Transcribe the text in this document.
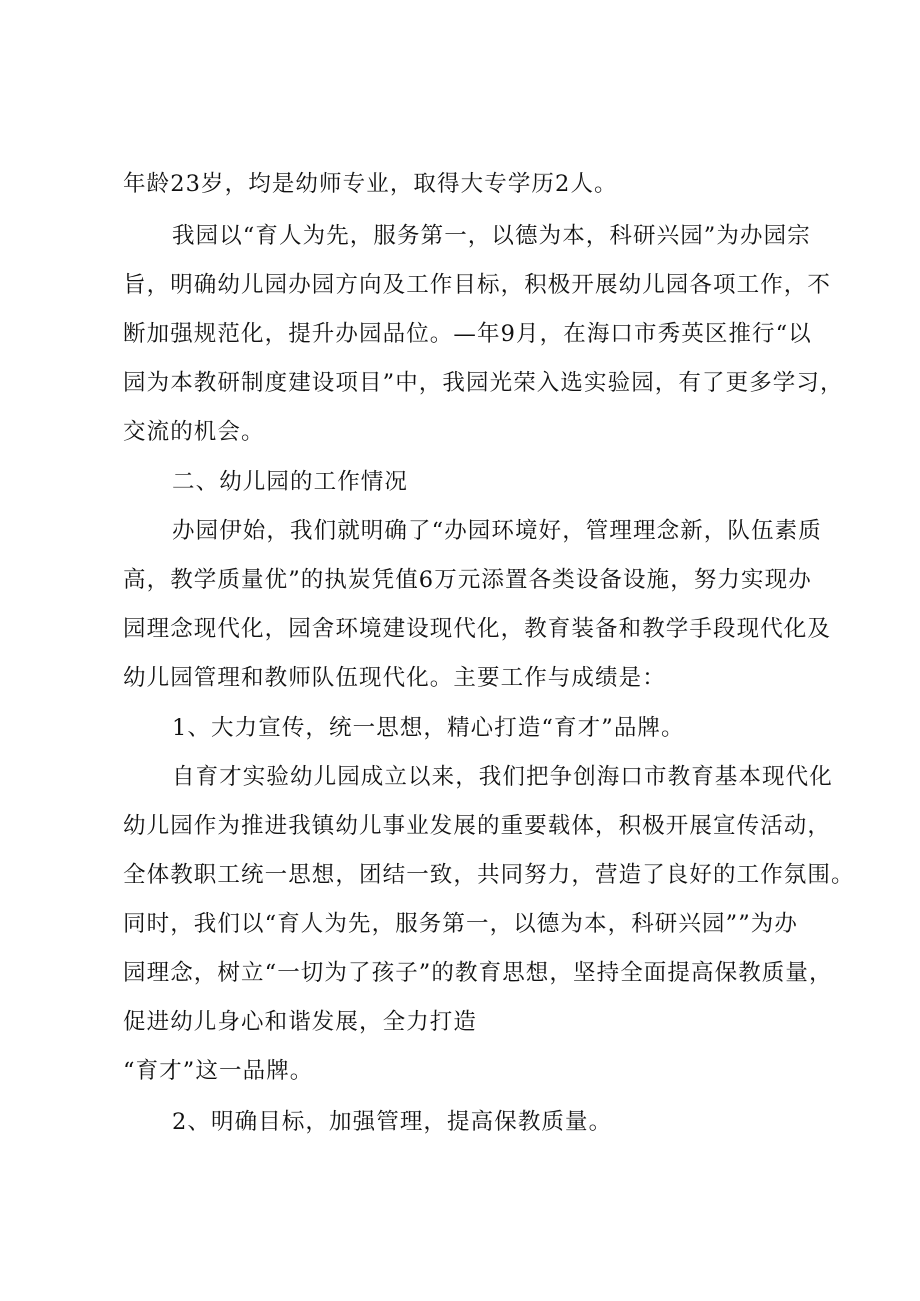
年龄23岁，均是幼师专业，取得大专学历2人。
我园以“育人为先，服务第一，以德为本，科研兴园”为办园宗
旨，明确幼儿园办园方向及工作目标，积极开展幼儿园各项工作，不
断加强规范化，提升办园品位。—年9月，在海口市秀英区推行“以
园为本教研制度建设项目”中，我园光荣入选实验园，有了更多学习，
交流的机会。
二、幼儿园的工作情况
办园伊始，我们就明确了“办园环境好，管理理念新，队伍素质
高，教学质量优”的执炭凭值6万元添置各类设备设施，努力实现办
园理念现代化，园舍环境建设现代化，教育装备和教学手段现代化及
幼儿园管理和教师队伍现代化。主要工作与成绩是：
1、大力宣传，统一思想，精心打造“育才”品牌。
自育才实验幼儿园成立以来，我们把争创海口市教育基本现代化
幼儿园作为推进我镇幼儿事业发展的重要载体，积极开展宣传活动，
全体教职工统一思想，团结一致，共同努力，营造了良好的工作氛围。
同时，我们以“育人为先，服务第一，以德为本，科研兴园””为办
园理念，树立“一切为了孩子”的教育思想，坚持全面提高保教质量，
促进幼儿身心和谐发展，全力打造
“育才”这一品牌。
2、明确目标，加强管理，提高保教质量。
